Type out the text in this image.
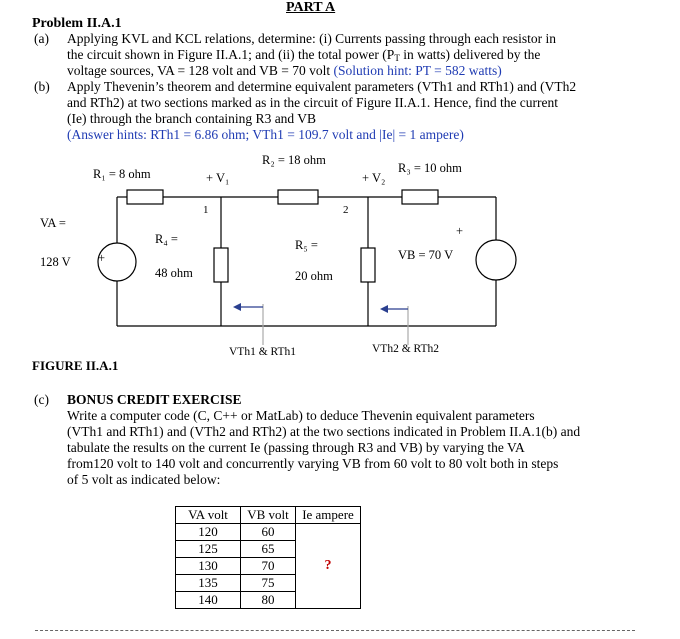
PART A
Problem II.A.1
(a) Applying KVL and KCL relations, determine: (i) Currents passing through each resistor in
the circuit shown in Figure II.A.1; and (ii) the total power (PT in watts) delivered by the
voltage sources, VA = 128 volt and VB = 70 volt (Solution hint: PT = 582 watts)
(b) Apply Thevenin’s theorem and determine equivalent parameters (VTh1 and RTh1) and (VTh2
and RTh2) at two sections marked as in the circuit of Figure II.A.1. Hence, find the current
(Ie) through the branch containing R3 and VB
(Answer hints: RTh1 = 6.86 ohm; VTh1 = 109.7 volt and |Ie| = 1 ampere)
R₁ = 8 ohm
R₂ = 18 ohm
R₃ = 10 ohm
+ V₁	+ V₂
1	2
VA =
128 V +
R₄ =
48 ohm
R₅ =
20 ohm
VB = 70 V
+
VTh1 & RTh1	VTh2 & RTh2
FIGURE II.A.1
(c) BONUS CREDIT EXERCISE
Write a computer code (C, C++ or MatLab) to deduce Thevenin equivalent parameters
(VTh1 and RTh1) and (VTh2 and RTh2) at the two sections indicated in Problem II.A.1(b) and
tabulate the results on the current Ie (passing through R3 and VB) by varying the VA
from120 volt to 140 volt and concurrently varying VB from 60 volt to 80 volt both in steps
of 5 volt as indicated below:
VA volt	VB volt	Ie ampere
120	60	?
125	65	
130	70	
135	75	
140	80	
